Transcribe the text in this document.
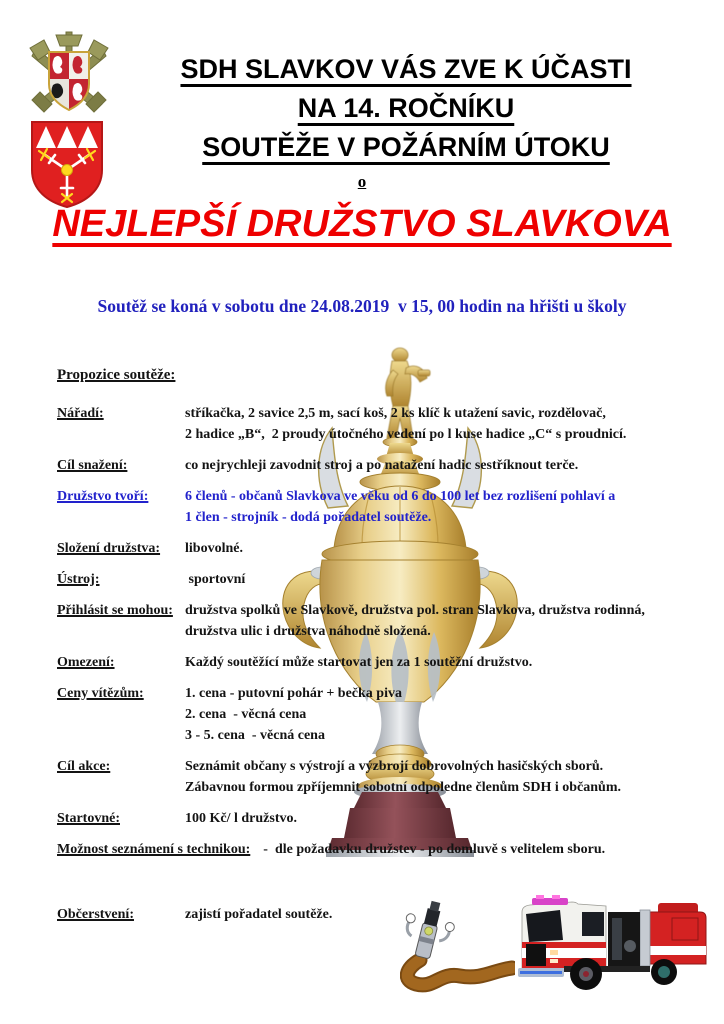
SDH SLAVKOV VÁS ZVE K ÚČASTI
NA 14. ROČNÍKU
SOUTĚŽE V POŽÁRNÍM ÚTOKU
o
NEJLEPŠÍ DRUŽSTVO SLAVKOVA
Soutěž se koná v sobotu dne 24.08.2019  v 15, 00 hodin na hřišti u školy
Propozice soutěže:
Nářadí:	stříkačka, 2 savice 2,5 m, sací koš, 2 ks klíč k utažení savic, rozdělovač,
2 hadice „B“,  2 proudy útočného vedení po l kuse hadice „C“ s proudnicí.
Cíl snažení:	co nejrychleji zavodnit stroj a po natažení hadic sestříknout terče.
Družstvo tvoří:	6 členů - občanů Slavkova ve věku od 6 do 100 let bez rozlišení pohlaví a
1 člen - strojník - dodá pořadatel soutěže.
Složení družstva:	libovolné.
Ústroj:	sportovní
Přihlásit se mohou: družstva spolků ve Slavkově, družstva pol. stran Slavkova, družstva rodinná,
družstva ulic i družstva náhodně složená.
Omezení:	Každý soutěžící může startovat jen za 1 soutěžní družstvo.
Ceny vítězům:	1. cena - putovní pohár + bečka piva
2. cena  - věcná cena
3 - 5. cena  - věcná cena
Cíl akce:	Seznámit občany s výstrojí a výzbrojí dobrovolných hasičských sborů.
Zábavnou formou zpříjemnit sobotní odpoledne členům SDH i občanům.
Startovné:	100 Kč/ l družstvo.
Možnost seznámení s technikou:  -  dle požadavku družstev - po domluvě s velitelem sboru.
Občerstvení:	zajistí pořadatel soutěže.
